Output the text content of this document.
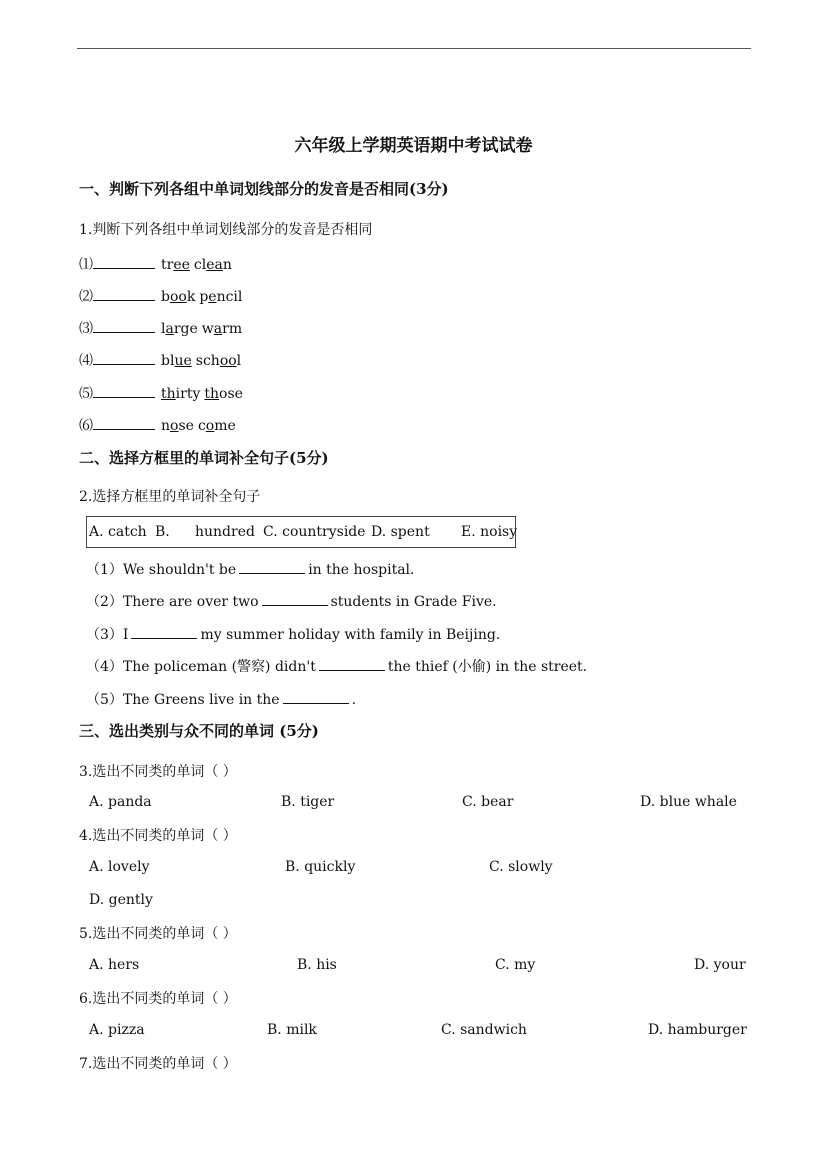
六年级上学期英语期中考试试卷
一、判断下列各组中单词划线部分的发音是否相同(3分)
1.判断下列各组中单词划线部分的发音是否相同
⑴	tree clean
⑵	book pencil
⑶	large warm
⑷	blue school
⑸	thirty those
⑹	nose come
二、选择方框里的单词补全句子(5分)
2.选择方框里的单词补全句子
A. catch B. hundred C. countryside D. spent E. noisy
（1）We shouldn't be	in the hospital.
（2）There are over two	students in Grade Five.
（3）I	my summer holiday with family in Beijing.
（4）The policeman (警察) didn't	the thief (小偷) in the street.
（5）The Greens live in the	.
三、选出类别与众不同的单词 (5分)
3.选出不同类的单词（ ）
A. panda	B. tiger	C. bear	D. blue whale
4.选出不同类的单词（ ）
A. lovely	B. quickly	C. slowly
D. gently
5.选出不同类的单词（ ）
A. hers	B. his	C. my	D. your
6.选出不同类的单词（ ）
A. pizza	B. milk	C. sandwich	D. hamburger
7.选出不同类的单词（ ）
